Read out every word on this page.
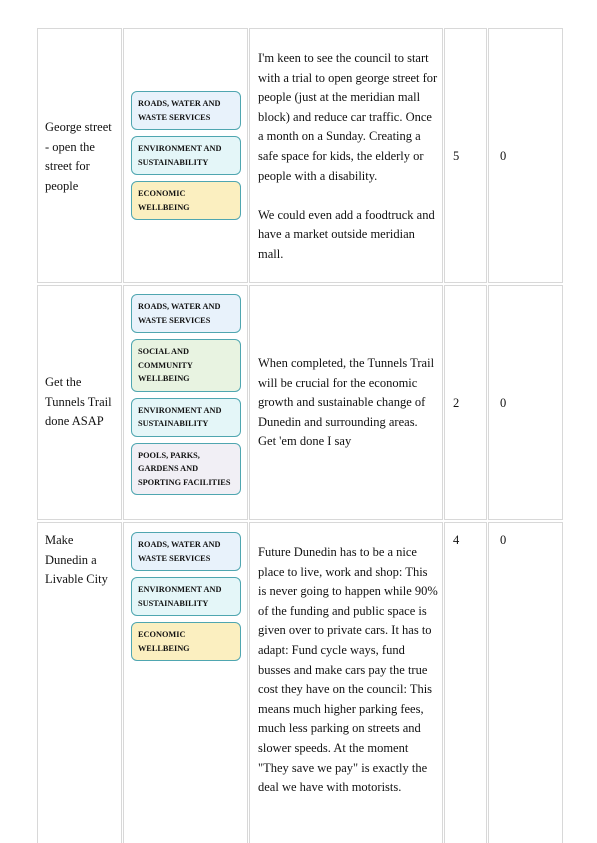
George street - open the street for people
ROADS, WATER AND WASTE SERVICES
ENVIRONMENT AND SUSTAINABILITY
ECONOMIC WELLBEING

I'm keen to see the council to start with a trial to open george street for people (just at the meridian mall block) and reduce car traffic. Once a month on a Sunday. Creating a safe space for kids, the elderly or people with a disability.

We could even add a foodtruck and have a market outside meridian mall.

5	0
Get the Tunnels Trail done ASAP
ROADS, WATER AND WASTE SERVICES
SOCIAL AND COMMUNITY WELLBEING
ENVIRONMENT AND SUSTAINABILITY
POOLS, PARKS, GARDENS AND SPORTING FACILITIES

When completed, the Tunnels Trail will be crucial for the economic growth and sustainable change of Dunedin and surrounding areas. Get 'em done I say

2	0
Make Dunedin a Livable City
ROADS, WATER AND WASTE SERVICES
ENVIRONMENT AND SUSTAINABILITY
ECONOMIC WELLBEING

Future Dunedin has to be a nice place to live, work and shop: This is never going to happen while 90% of the funding and public space is given over to private cars. It has to adapt: Fund cycle ways, fund busses and make cars pay the true cost they have on the council: This means much higher parking fees, much less parking on streets and slower speeds. At the moment "They save we pay" is exactly the deal we have with motorists.

4	0
